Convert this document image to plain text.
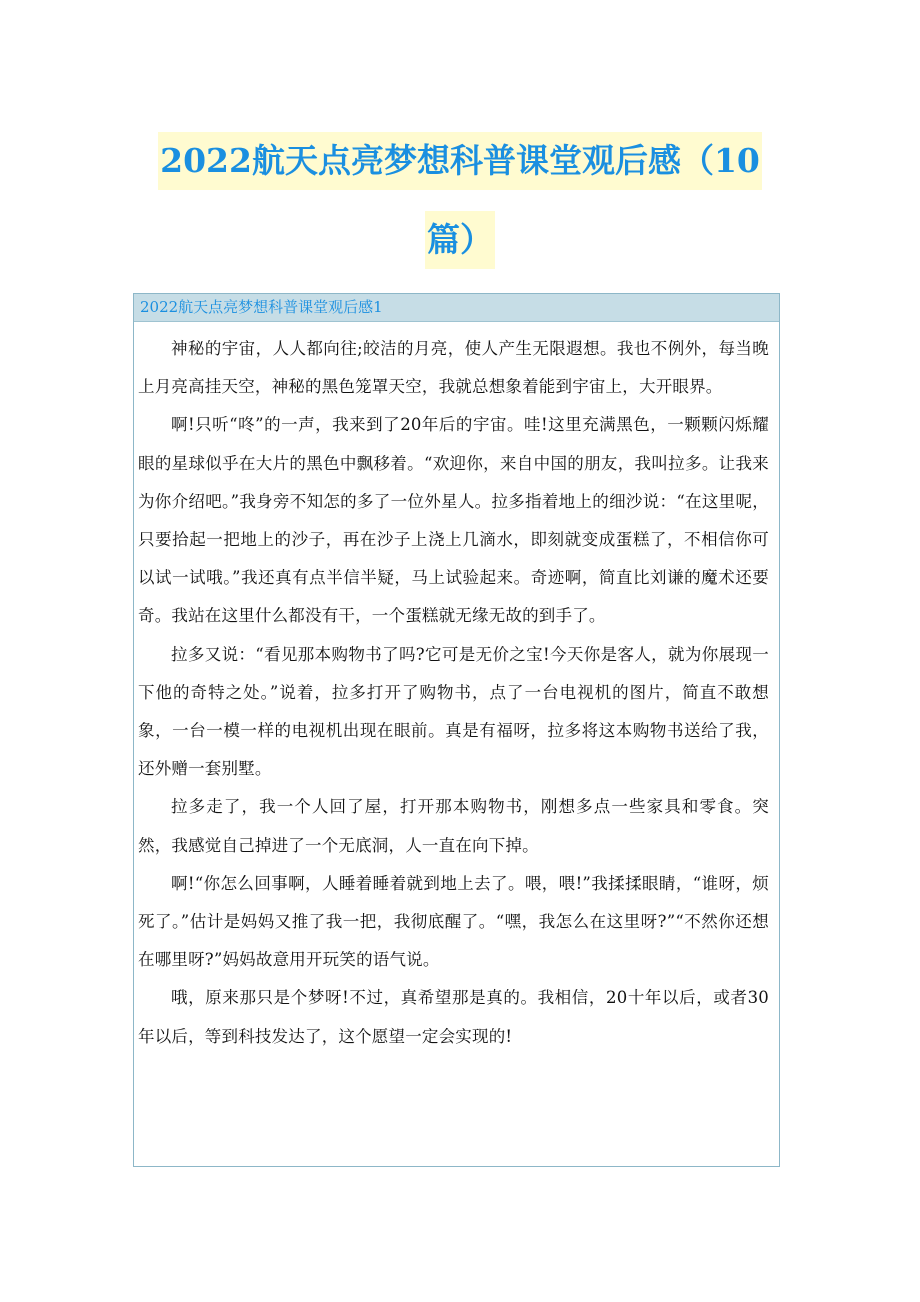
2022航天点亮梦想科普课堂观后感（10
篇）
2022航天点亮梦想科普课堂观后感1

神秘的宇宙，人人都向往;皎洁的月亮，使人产生无限遐想。我也不例外，每当晚上月亮高挂天空，神秘的黑色笼罩天空，我就总想象着能到宇宙上，大开眼界。

啊!只听“咚”的一声，我来到了20年后的宇宙。哇!这里充满黑色，一颗颗闪烁耀眼的星球似乎在大片的黑色中飘移着。“欢迎你，来自中国的朋友，我叫拉多。让我来为你介绍吧。”我身旁不知怎的多了一位外星人。拉多指着地上的细沙说：“在这里呢，只要拾起一把地上的沙子，再在沙子上浇上几滴水，即刻就变成蛋糕了，不相信你可以试一试哦。”我还真有点半信半疑，马上试验起来。奇迹啊，简直比刘谦的魔术还要奇。我站在这里什么都没有干，一个蛋糕就无缘无故的到手了。

拉多又说：“看见那本购物书了吗?它可是无价之宝!今天你是客人，就为你展现一下他的奇特之处。”说着，拉多打开了购物书，点了一台电视机的图片，简直不敢想象，一台一模一样的电视机出现在眼前。真是有福呀，拉多将这本购物书送给了我，还外赠一套别墅。

拉多走了，我一个人回了屋，打开那本购物书，刚想多点一些家具和零食。突然，我感觉自己掉进了一个无底洞，人一直在向下掉。

啊!“你怎么回事啊，人睡着睡着就到地上去了。喂，喂!”我揉揉眼睛，“谁呀，烦死了。”估计是妈妈又推了我一把，我彻底醒了。“嘿，我怎么在这里呀?”“不然你还想在哪里呀?”妈妈故意用开玩笑的语气说。

哦，原来那只是个梦呀!不过，真希望那是真的。我相信，20十年以后，或者30年以后，等到科技发达了，这个愿望一定会实现的!
